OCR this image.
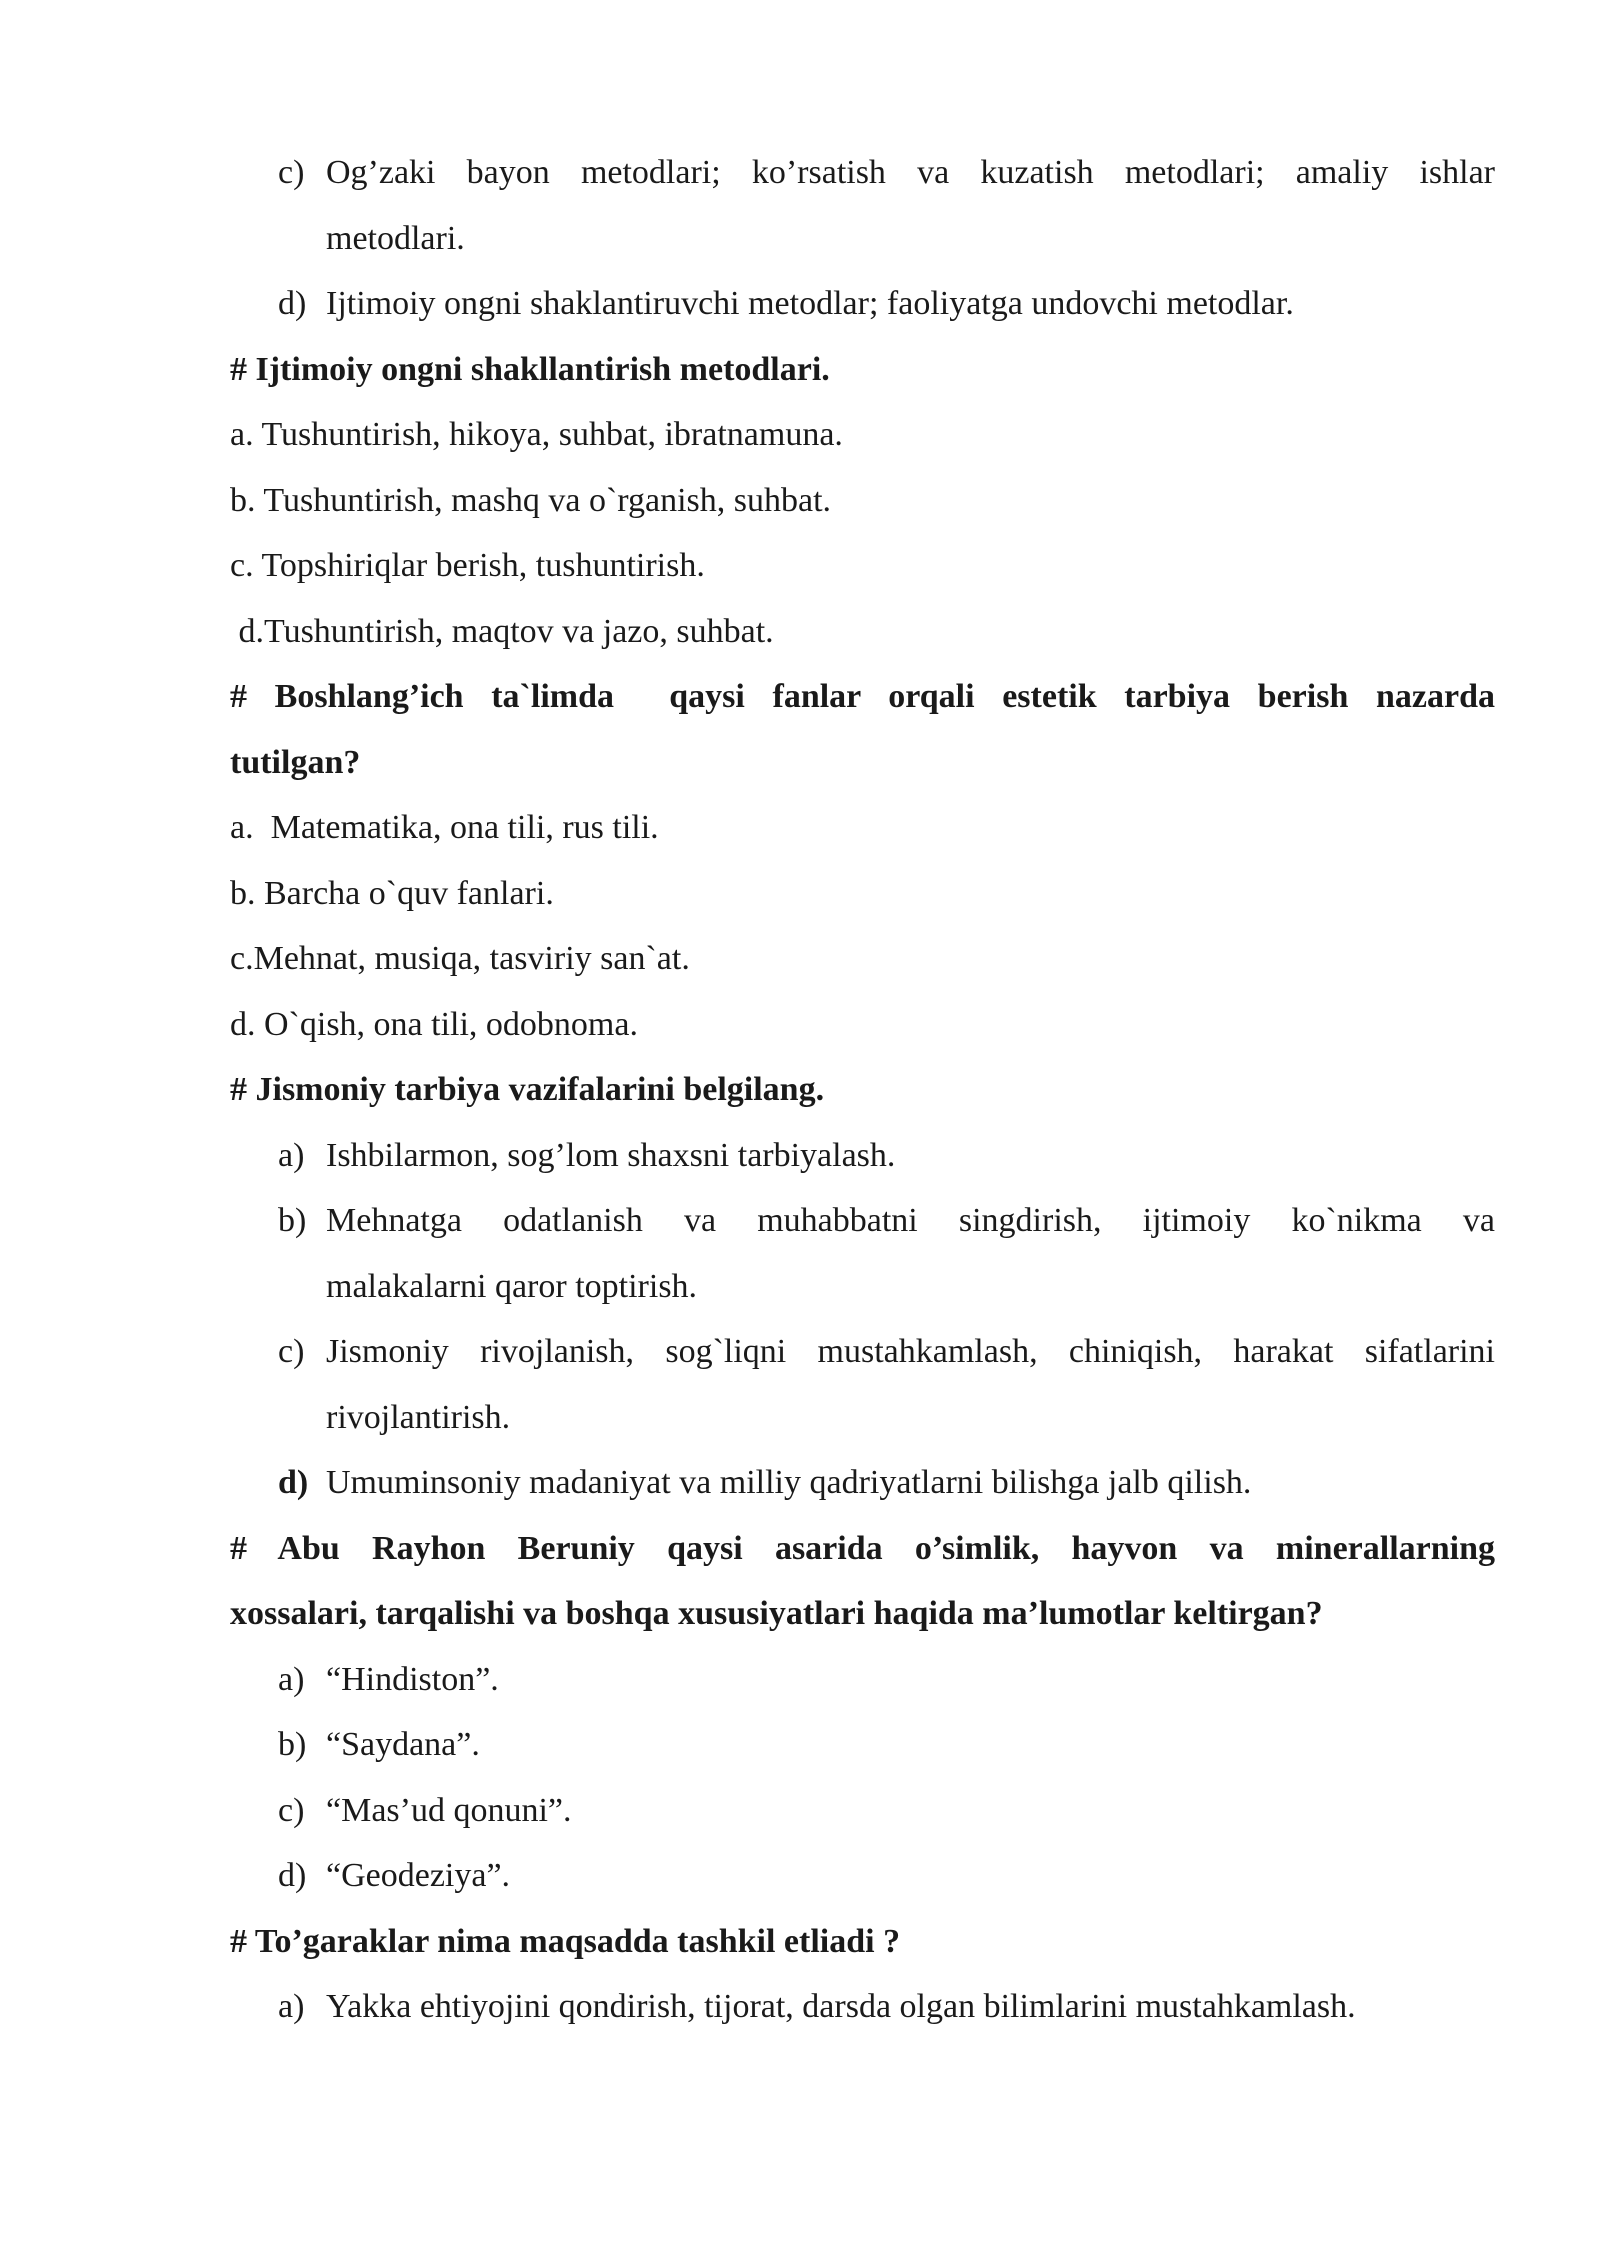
c) Og’zaki bayon metodlari; ko’rsatish va kuzatish metodlari; amaliy ishlar
metodlari.
d) Ijtimoiy ongni shaklantiruvchi metodlar; faoliyatga undovchi metodlar.
# Ijtimoiy ongni shakllantirish metodlari.
a. Tushuntirish, hikoya, suhbat, ibratnamuna.
b. Tushuntirish, mashq va o`rganish, suhbat.
c. Topshiriqlar berish, tushuntirish.
d.Tushuntirish, maqtov va jazo, suhbat.
# Boshlang’ich ta`limda  qaysi fanlar orqali estetik tarbiya berish nazarda
tutilgan?
a.  Matematika, ona tili, rus tili.
b. Barcha o`quv fanlari.
c.Mehnat, musiqa, tasviriy san`at.
d. O`qish, ona tili, odobnoma.
# Jismoniy tarbiya vazifalarini belgilang.
a) Ishbilarmon, sog’lom shaxsni tarbiyalash.
b) Mehnatga odatlanish va muhabbatni singdirish, ijtimoiy ko`nikma va
malakalarni qaror toptirish.
c) Jismoniy rivojlanish, sog`liqni mustahkamlash, chiniqish, harakat sifatlarini
rivojlantirish.
d) Umuminsoniy madaniyat va milliy qadriyatlarni bilishga jalb qilish.
# Abu Rayhon Beruniy qaysi asarida o’simlik, hayvon va minerallarning
xossalari, tarqalishi va boshqa xususiyatlari haqida ma’lumotlar keltirgan?
a) “Hindiston”.
b) “Saydana”.
c) “Mas’ud qonuni”.
d) “Geodeziya”.
# To’garaklar nima maqsadda tashkil etliadi ?
a) Yakka ehtiyojini qondirish, tijorat, darsda olgan bilimlarini mustahkamlash.
